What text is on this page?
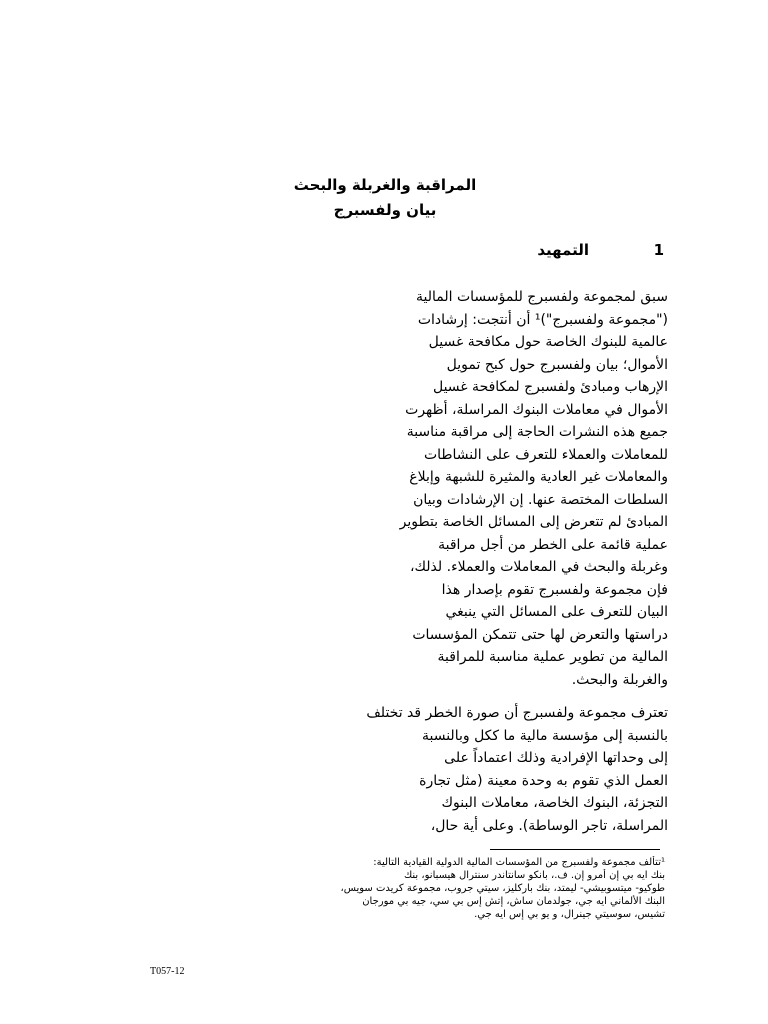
المراقبة والغربلة والبحث
بيان ولفسبرج
1
التمهيد
سبق لمجموعة ولفسبرج للمؤسسات المالية
("مجموعة ولفسبرج")¹ أن أنتجت: إرشادات
عالمية للبنوك الخاصة حول مكافحة غسيل
الأموال؛ بيان ولفسبرج حول كبح تمويل
الإرهاب ومبادئ ولفسبرج لمكافحة غسيل
الأموال في معاملات البنوك المراسلة، أظهرت
جميع هذه النشرات الحاجة إلى مراقبة مناسبة
للمعاملات والعملاء للتعرف على النشاطات
والمعاملات غير العادية والمثيرة للشبهة وإبلاغ
السلطات المختصة عنها. إن الإرشادات وبيان
المبادئ لم تتعرض إلى المسائل الخاصة بتطوير
عملية قائمة على الخطر من أجل مراقبة
وغربلة والبحث في المعاملات والعملاء. لذلك،
فإن مجموعة ولفسبرج تقوم بإصدار هذا
البيان للتعرف على المسائل التي ينبغي
دراستها والتعرض لها حتى تتمكن المؤسسات
المالية من تطوير عملية مناسبة للمراقبة
والغربلة والبحث.
تعترف مجموعة ولفسبرج أن صورة الخطر قد تختلف
بالنسبة إلى مؤسسة مالية ما ككل وبالنسبة
إلى وحداتها الإفرادية وذلك اعتماداً على
العمل الذي تقوم به وحدة معينة (مثل تجارة
التجزئة، البنوك الخاصة، معاملات البنوك
المراسلة، تاجر الوساطة). وعلى أية حال،
¹تتألف مجموعة ولفسبرج من المؤسسات المالية الدولية القيادية التالية:
بنك ايه بي إن أمرو إن. ف.، بانكو سانتاندر سنترال هيسبانو، بنك
طوكيو- ميتسوبيشي- ليمتد، بنك باركليز، سيتي جروب، مجموعة كريدت سويس،
البنك الألماني ايه جي، جولدمان ساش، إتش إس بي سي، جيه بي مورجان
تشيس، سوسيتي جينرال، و يو بي إس ايه جي.
T057-12
